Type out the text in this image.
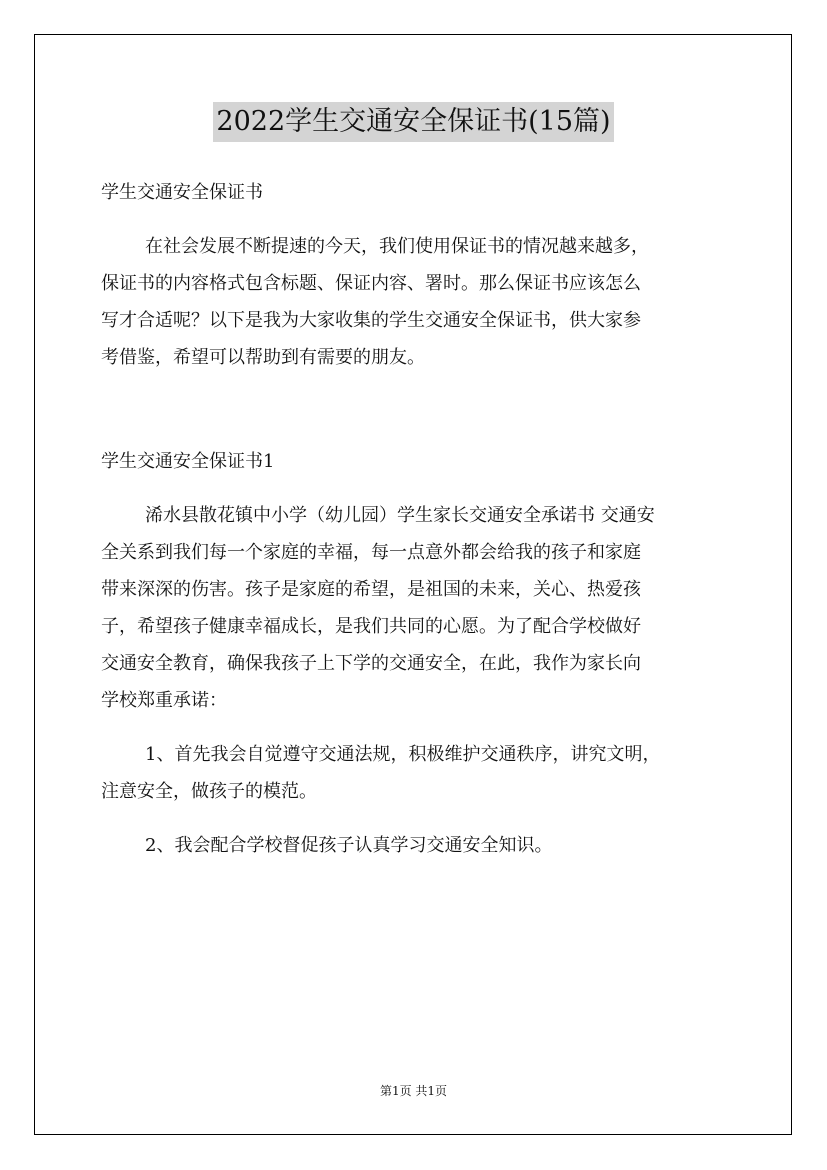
2022学生交通安全保证书(15篇)
学生交通安全保证书
在社会发展不断提速的今天，我们使用保证书的情况越来越多，
保证书的内容格式包含标题、保证内容、署时。那么保证书应该怎么
写才合适呢？以下是我为大家收集的学生交通安全保证书，供大家参
考借鉴，希望可以帮助到有需要的朋友。
学生交通安全保证书1
浠水县散花镇中小学（幼儿园）学生家长交通安全承诺书 交通安
全关系到我们每一个家庭的幸福，每一点意外都会给我的孩子和家庭
带来深深的伤害。孩子是家庭的希望，是祖国的未来，关心、热爱孩
子，希望孩子健康幸福成长，是我们共同的心愿。为了配合学校做好
交通安全教育，确保我孩子上下学的交通安全，在此，我作为家长向
学校郑重承诺：
1、首先我会自觉遵守交通法规，积极维护交通秩序，讲究文明，
注意安全，做孩子的模范。
2、我会配合学校督促孩子认真学习交通安全知识。
第1页 共1页
